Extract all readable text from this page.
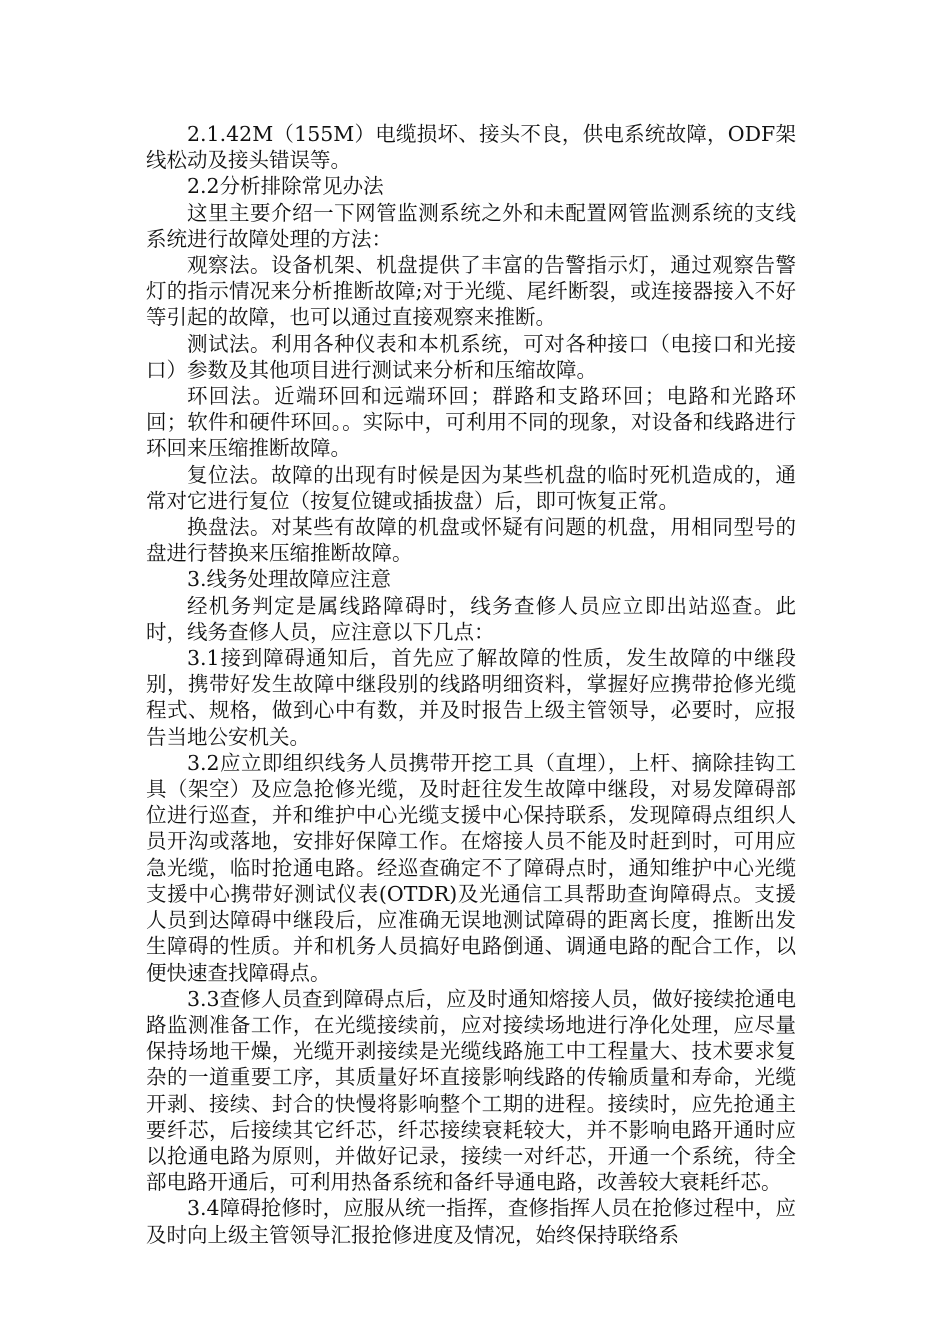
2.1.42M（155M）电缆损坏、接头不良，供电系统故障，ODF架线松动及接头错误等。

2.2分析排除常见办法

这里主要介绍一下网管监测系统之外和未配置网管监测系统的支线系统进行故障处理的方法：

观察法。设备机架、机盘提供了丰富的告警指示灯，通过观察告警灯的指示情况来分析推断故障;对于光缆、尾纤断裂，或连接器接入不好等引起的故障，也可以通过直接观察来推断。

测试法。利用各种仪表和本机系统，可对各种接口（电接口和光接口）参数及其他项目进行测试来分析和压缩故障。

环回法。近端环回和远端环回；群路和支路环回；电路和光路环回；软件和硬件环回。。实际中，可利用不同的现象，对设备和线路进行环回来压缩推断故障。

复位法。故障的出现有时候是因为某些机盘的临时死机造成的，通常对它进行复位（按复位键或插拔盘）后，即可恢复正常。

换盘法。对某些有故障的机盘或怀疑有问题的机盘，用相同型号的盘进行替换来压缩推断故障。

3.线务处理故障应注意

经机务判定是属线路障碍时，线务查修人员应立即出站巡查。此时，线务查修人员，应注意以下几点：

3.1接到障碍通知后，首先应了解故障的性质，发生故障的中继段别，携带好发生故障中继段别的线路明细资料，掌握好应携带抢修光缆程式、规格，做到心中有数，并及时报告上级主管领导，必要时，应报告当地公安机关。

3.2应立即组织线务人员携带开挖工具（直埋），上杆、摘除挂钩工具（架空）及应急抢修光缆，及时赶往发生故障中继段，对易发障碍部位进行巡查，并和维护中心光缆支援中心保持联系，发现障碍点组织人员开沟或落地，安排好保障工作。在熔接人员不能及时赶到时，可用应急光缆，临时抢通电路。经巡查确定不了障碍点时，通知维护中心光缆支援中心携带好测试仪表(OTDR)及光通信工具帮助查询障碍点。支援人员到达障碍中继段后，应准确无误地测试障碍的距离长度，推断出发生障碍的性质。并和机务人员搞好电路倒通、调通电路的配合工作，以便快速查找障碍点。

3.3查修人员查到障碍点后，应及时通知熔接人员，做好接续抢通电路监测准备工作，在光缆接续前，应对接续场地进行净化处理，应尽量保持场地干燥，光缆开剥接续是光缆线路施工中工程量大、技术要求复杂的一道重要工序，其质量好坏直接影响线路的传输质量和寿命，光缆开剥、接续、封合的快慢将影响整个工期的进程。接续时，应先抢通主要纤芯，后接续其它纤芯，纤芯接续衰耗较大，并不影响电路开通时应以抢通电路为原则，并做好记录，接续一对纤芯，开通一个系统，待全部电路开通后，可利用热备系统和备纤导通电路，改善较大衰耗纤芯。

3.4障碍抢修时，应服从统一指挥，查修指挥人员在抢修过程中，应及时向上级主管领导汇报抢修进度及情况，始终保持联络系
